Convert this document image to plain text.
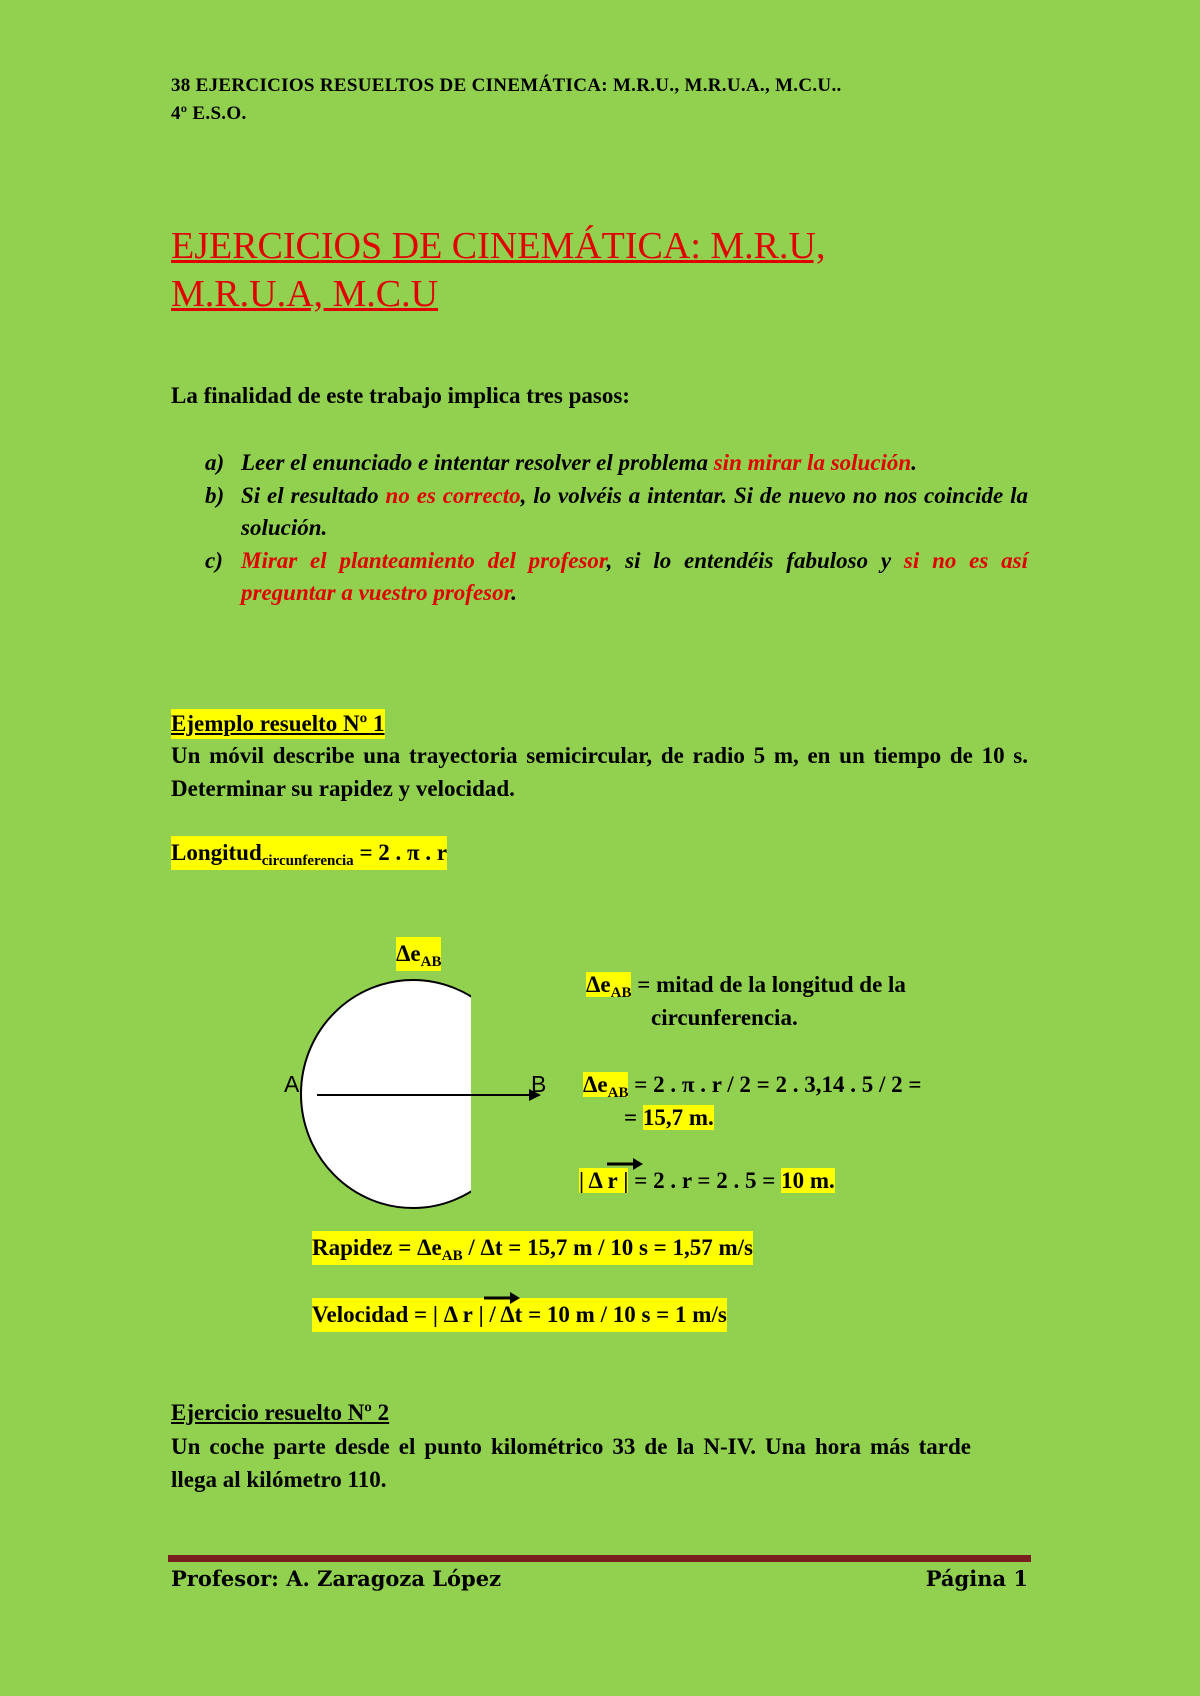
38 EJERCICIOS RESUELTOS DE CINEMÁTICA: M.R.U., M.R.U.A., M.C.U..
4º E.S.O.
EJERCICIOS DE CINEMÁTICA: M.R.U,
M.R.U.A, M.C.U
La finalidad de este trabajo implica tres pasos:
a) Leer el enunciado e intentar resolver el problema sin mirar la solución.
b) Si el resultado no es correcto, lo volvéis a intentar. Si de nuevo no nos coincide la solución.
c) Mirar el planteamiento del profesor, si lo entendéis fabuloso y si no es así preguntar a vuestro profesor.
Ejemplo resuelto Nº 1
Un móvil describe una trayectoria semicircular, de radio 5 m, en un tiempo de 10 s. Determinar su rapidez y velocidad.
Longitud$_{circunferencia}$ = 2 . π . r
$\Delta e_{AB}$
A	B
$\Delta e_{AB}$ = mitad de la longitud de la
circunferencia.
$\Delta e_{AB} = 2$ . π . r / 2 = 2 . 3,14 . 5 / 2 =
= 15,7 m.
| Δ r
| = 2 . r = 2 . 5 = 10 m.
Rapidez = $\Delta e_{AB} / \Delta t = 15,7$ m / 10 s = 1,57 m/s
Velocidad = | Δ r
| / Δt = 10 m / 10 s = 1 m/s
Ejercicio resuelto Nº 2
Un coche parte desde el punto kilométrico 33 de la N-IV. Una hora más tarde llega al kilómetro 110.
Profesor: A. Zaragoza López	Página 1
